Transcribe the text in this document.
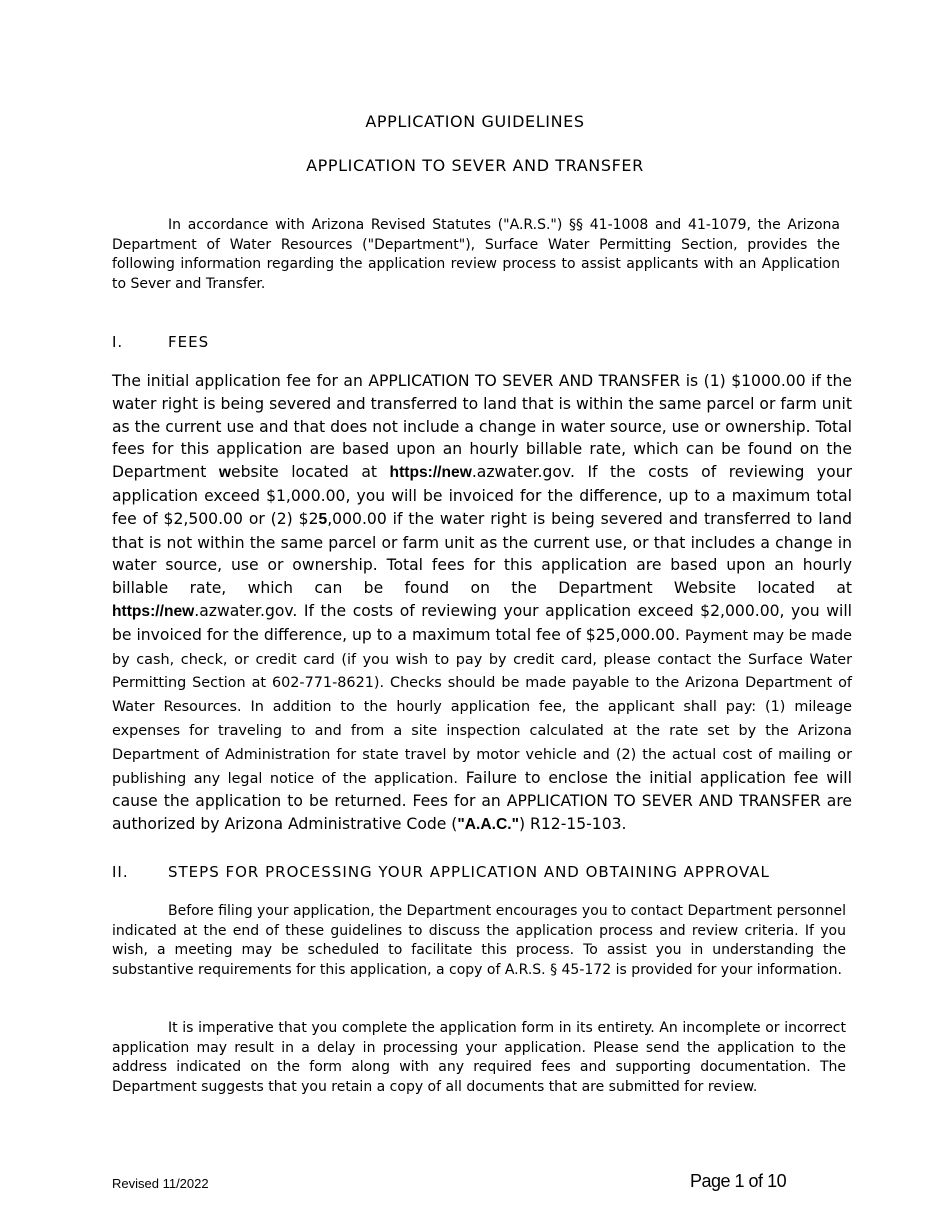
APPLICATION GUIDELINES
APPLICATION TO SEVER AND TRANSFER

In accordance with Arizona Revised Statutes ("A.R.S.") §§ 41-1008 and 41-1079, the Arizona Department of Water Resources ("Department"), Surface Water Permitting Section, provides the following information regarding the application review process to assist applicants with an Application to Sever and Transfer.

I.	FEES

The initial application fee for an APPLICATION TO SEVER AND TRANSFER is (1) $1000.00 if the water right is being severed and transferred to land that is within the same parcel or farm unit as the current use and that does not include a change in water source, use or ownership. Total fees for this application are based upon an hourly billable rate, which can be found on the Department website located at https://new.azwater.gov. If the costs of reviewing your application exceed $1,000.00, you will be invoiced for the difference, up to a maximum total fee of $2,500.00 or (2) $25,000.00 if the water right is being severed and transferred to land that is not within the same parcel or farm unit as the current use, or that includes a change in water source, use or ownership. Total fees for this application are based upon an hourly billable rate, which can be found on the Department Website located at https://new.azwater.gov. If the costs of reviewing your application exceed $2,000.00, you will be invoiced for the difference, up to a maximum total fee of $25,000.00. Payment may be made by cash, check, or credit card (if you wish to pay by credit card, please contact the Surface Water Permitting Section at 602-771-8621). Checks should be made payable to the Arizona Department of Water Resources. In addition to the hourly application fee, the applicant shall pay: (1) mileage expenses for traveling to and from a site inspection calculated at the rate set by the Arizona Department of Administration for state travel by motor vehicle and (2) the actual cost of mailing or publishing any legal notice of the application. Failure to enclose the initial application fee will cause the application to be returned. Fees for an APPLICATION TO SEVER AND TRANSFER are authorized by Arizona Administrative Code ("A.A.C.") R12-15-103.

II.	STEPS FOR PROCESSING YOUR APPLICATION AND OBTAINING APPROVAL

Before filing your application, the Department encourages you to contact Department personnel indicated at the end of these guidelines to discuss the application process and review criteria. If you wish, a meeting may be scheduled to facilitate this process. To assist you in understanding the substantive requirements for this application, a copy of A.R.S. § 45-172 is provided for your information.

It is imperative that you complete the application form in its entirety. An incomplete or incorrect application may result in a delay in processing your application. Please send the application to the address indicated on the form along with any required fees and supporting documentation. The Department suggests that you retain a copy of all documents that are submitted for review.

Revised 11/2022	Page 1 of 10
